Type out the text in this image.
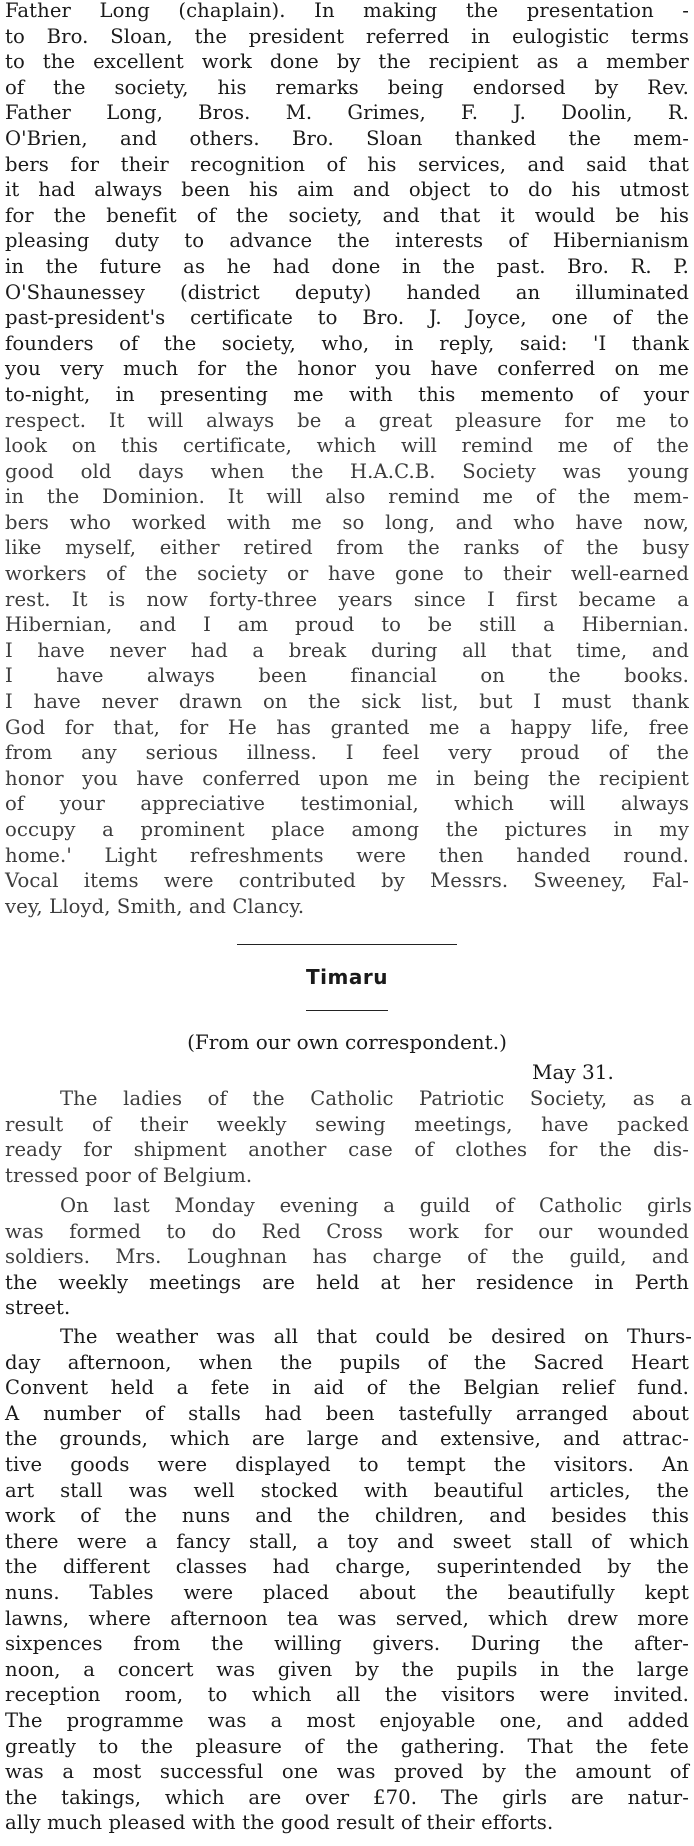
Father Long (chaplain). In making the presentation -
to Bro. Sloan, the president referred in eulogistic terms
to the excellent work done by the recipient as a member
of the society, his remarks being endorsed by Rev.
Father Long, Bros. M. Grimes, F. J. Doolin, R.
O'Brien, and others. Bro. Sloan thanked the mem-
bers for their recognition of his services, and said that
it had always been his aim and object to do his utmost
for the benefit of the society, and that it would be his
pleasing duty to advance the interests of Hibernianism
in the future as he had done in the past. Bro. R. P.
O'Shaunessey (district deputy) handed an illuminated
past-president's certificate to Bro. J. Joyce, one of the
founders of the society, who, in reply, said: 'I thank
you very much for the honor you have conferred on me
to-night, in presenting me with this memento of your
respect. It will always be a great pleasure for me to
look on this certificate, which will remind me of the
good old days when the H.A.C.B. Society was young
in the Dominion. It will also remind me of the mem-
bers who worked with me so long, and who have now,
like myself, either retired from the ranks of the busy
workers of the society or have gone to their well-earned
rest. It is now forty-three years since I first became a
Hibernian, and I am proud to be still a Hibernian.
I have never had a break during all that time, and
I have always been financial on the books.
I have never drawn on the sick list, but I must thank
God for that, for He has granted me a happy life, free
from any serious illness. I feel very proud of the
honor you have conferred upon me in being the recipient
of your appreciative testimonial, which will always
occupy a prominent place among the pictures in my
home.' Light refreshments were then handed round.
Vocal items were contributed by Messrs. Sweeney, Fal-
vey, Lloyd, Smith, and Clancy.
Timaru
(From our own correspondent.)
May 31.
The ladies of the Catholic Patriotic Society, as a
result of their weekly sewing meetings, have packed
ready for shipment another case of clothes for the dis-
tressed poor of Belgium.
On last Monday evening a guild of Catholic girls
was formed to do Red Cross work for our wounded
soldiers. Mrs. Loughnan has charge of the guild, and
the weekly meetings are held at her residence in Perth
street.
The weather was all that could be desired on Thurs-
day afternoon, when the pupils of the Sacred Heart
Convent held a fete in aid of the Belgian relief fund.
A number of stalls had been tastefully arranged about
the grounds, which are large and extensive, and attrac-
tive goods were displayed to tempt the visitors. An
art stall was well stocked with beautiful articles, the
work of the nuns and the children, and besides this
there were a fancy stall, a toy and sweet stall of which
the different classes had charge, superintended by the
nuns. Tables were placed about the beautifully kept
lawns, where afternoon tea was served, which drew more
sixpences from the willing givers. During the after-
noon, a concert was given by the pupils in the large
reception room, to which all the visitors were invited.
The programme was a most enjoyable one, and added
greatly to the pleasure of the gathering. That the fete
was a most successful one was proved by the amount of
the takings, which are over £70. The girls are natur-
ally much pleased with the good result of their efforts.
